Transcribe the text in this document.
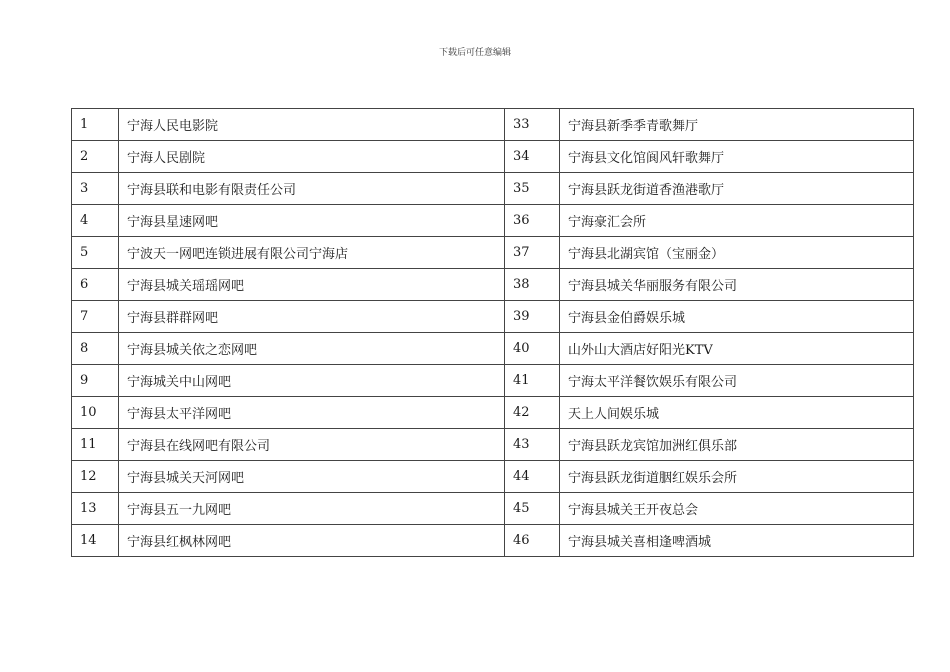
下载后可任意编辑
1	宁海人民电影院	33	宁海县新季季青歌舞厅
2	宁海人民剧院	34	宁海县文化馆阆风轩歌舞厅
3	宁海县联和电影有限责任公司	35	宁海县跃龙街道香渔港歌厅
4	宁海县星速网吧	36	宁海豪汇会所
5	宁波天一网吧连锁进展有限公司宁海店	37	宁海县北湖宾馆（宝丽金）
6	宁海县城关瑶瑶网吧	38	宁海县城关华丽服务有限公司
7	宁海县群群网吧	39	宁海县金伯爵娱乐城
8	宁海县城关依之恋网吧	40	山外山大酒店好阳光KTV
9	宁海城关中山网吧	41	宁海太平洋餐饮娱乐有限公司
10	宁海县太平洋网吧	42	天上人间娱乐城
11	宁海县在线网吧有限公司	43	宁海县跃龙宾馆加洲红俱乐部
12	宁海县城关天河网吧	44	宁海县跃龙街道胭红娱乐会所
13	宁海县五一九网吧	45	宁海县城关王开夜总会
14	宁海县红枫林网吧	46	宁海县城关喜相逢啤酒城
